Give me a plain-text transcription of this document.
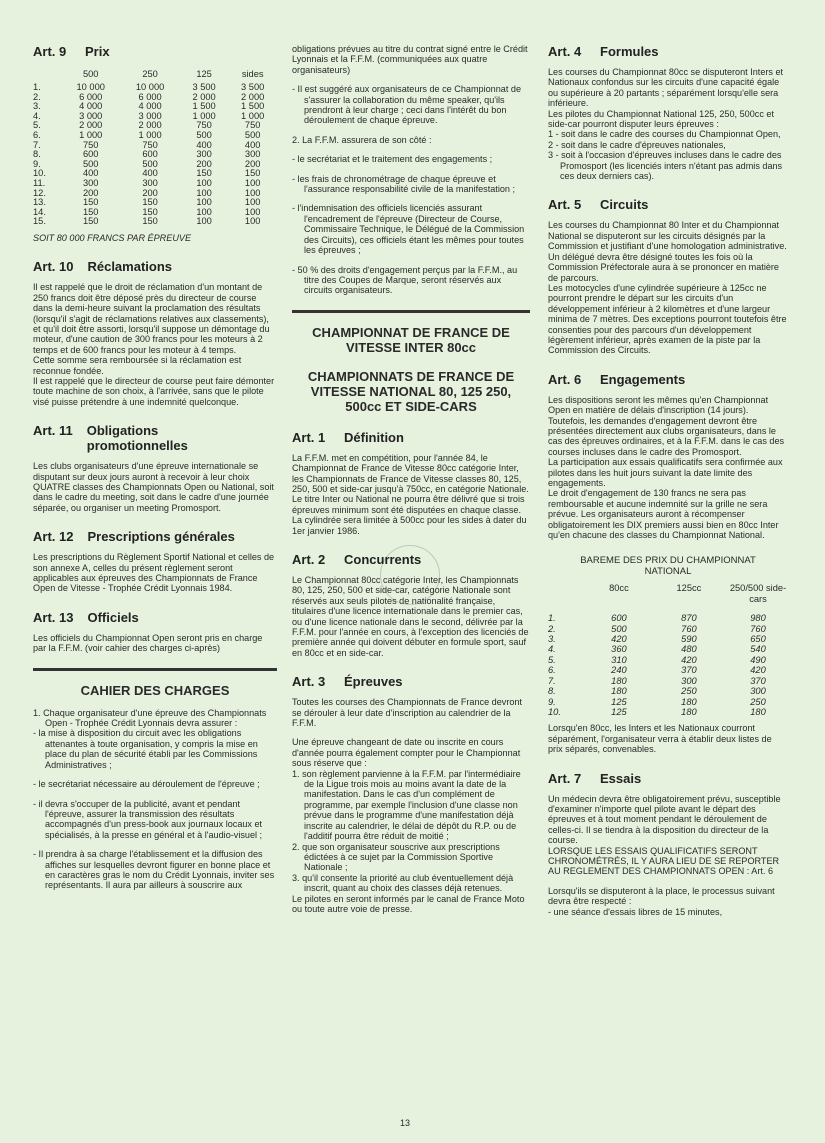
Art. 9	Prix
	500	250	125	sides
1.	10 000	10 000	3 500	3 500
2.	6 000	6 000	2 000	2 000
3.	4 000	4 000	1 500	1 500
4.	3 000	3 000	1 000	1 000
5.	2 000	2 000	750	750
6.	1 000	1 000	500	500
7.	750	750	400	400
8.	600	600	300	300
9.	500	500	200	200
10.	400	400	150	150
11.	300	300	100	100
12.	200	200	100	100
13.	150	150	100	100
14.	150	150	100	100
15.	150	150	100	100

SOIT 80 000 FRANCS PAR ÉPREUVE

Art. 10 Réclamations

Il est rappelé que le droit de réclamation d'un montant de 250 francs doit être déposé près du directeur de course dans la demi-heure suivant la proclamation des résultats (lorsqu'il s'agit de réclamations relatives aux classements), et qu'il doit être assorti, lorsqu'il suppose un démontage du moteur, d'une caution de 300 francs pour les moteurs à 2 temps et de 600 francs pour les moteur à 4 temps.

Cette somme sera remboursée si la réclamation est reconnue fondée.

Il est rappelé que le directeur de course peut faire démonter toute machine de son choix, à l'arrivée, sans que le pilote visé puisse prétendre à une indemnité quelconque.

Art. 11 Obligations promotionnelles

Les clubs organisateurs d'une épreuve internationale se disputant sur deux jours auront à recevoir à leur choix QUATRE classes des Championnats Open ou National, soit dans le cadre du meeting, soit dans le cadre d'une journée séparée, ou organiser un meeting Promosport.

Art. 12 Prescriptions générales

Les prescriptions du Règlement Sportif National et celles de son annexe A, celles du présent règlement seront applicables aux épreuves des Championnats de France Open de Vitesse - Trophée Crédit Lyonnais 1984.

Art. 13 Officiels

Les officiels du Championnat Open seront pris en charge par la F.F.M. (voir cahier des charges ci-après)

CAHIER DES CHARGES
1. Chaque organisateur d'une épreuve des Championnats Open - Trophée Crédit Lyonnais devra assurer :
- la mise à disposition du circuit avec les obligations attenantes à toute organisation, y compris la mise en place du plan de sécurité établi par les Commissions Administratives ;
- le secrétariat nécessaire au déroulement de l'épreuve ;
- il devra s'occuper de la publicité, avant et pendant l'épreuve, assurer la transmission des résultats accompagnés d'un press-book aux journaux locaux et spécialisés, à la presse en général et à l'audio-visuel ;
- Il prendra à sa charge l'établissement et la diffusion des affiches sur lesquelles devront figurer en bonne place et en caractères gras le nom du Crédit Lyonnais, inviter ses représentants. Il aura par ailleurs à souscrire aux

obligations prévues au titre du contrat signé entre le Crédit Lyonnais et la F.F.M. (communiquées aux quatre organisateurs)

- Il est suggéré aux organisateurs de ce Championnat de s'assurer la collaboration du même speaker, qu'ils prendront à leur charge ; ceci dans l'intérêt du bon déroulement de chaque épreuve.

2. La F.F.M. assurera de son côté :

- le secrétariat et le traitement des engagements ;
- les frais de chronométrage de chaque épreuve et l'assurance responsabilité civile de la manifestation ;
- l'indemnisation des officiels licenciés assurant l'encadrement de l'épreuve (Directeur de Course, Commissaire Technique, le Délégué de la Commission des Circuits), ces officiels étant les mêmes pour toutes les épreuves ;
- 50 % des droits d'engagement perçus par la F.F.M., au titre des Coupes de Marque, seront réservés aux circuits organisateurs.
CHAMPIONNAT DE FRANCE DE VITESSE INTER 80cc
CHAMPIONNATS DE FRANCE DE VITESSE NATIONAL 80, 125 250, 500cc ET SIDE-CARS
Art. 1	Définition

La F.F.M. met en compétition, pour l'année 84, le Championnat de France de Vitesse 80cc catégorie Inter, les Championnats de France de Vitesse classes 80, 125, 250, 500 et side-car jusqu'à 750cc, en catégorie Nationale. Le titre Inter ou National ne pourra être délivré que si trois épreuves minimum sont été disputées en chaque classe.

La cylindrée sera limitée à 500cc pour les sides à dater du 1er janvier 1986.

Art. 2	Concurrents

Le Championnat 80cc catégorie Inter, les Championnats 80, 125, 250, 500 et side-car, catégorie Nationale sont réservés aux seuls pilotes de nationalité française, titulaires d'une licence internationale dans le premier cas, ou d'une licence nationale dans le second, délivrée par la F.F.M. pour l'année en cours, à l'exception des licenciés de première année qui doivent débuter en formule sport, sauf en 80cc et en side-car.

Art. 3	Épreuves

Toutes les courses des Championnats de France devront se dérouler à leur date d'inscription au calendrier de la F.F.M.

Une épreuve changeant de date ou inscrite en cours d'année pourra également compter pour le Championnat sous réserve que :

1. son règlement parvienne à la F.F.M. par l'intermédiaire de la Ligue trois mois au moins avant la date de la manifestation. Dans le cas d'un complément de programme, par exemple l'inclusion d'une classe non prévue dans le programme d'une manifestation déjà inscrite au calendrier, le délai de dépôt du R.P. ou de l'additif pourra être réduit de moitié ;
2. que son organisateur souscrive aux prescriptions édictées à ce sujet par la Commission Sportive Nationale ;
3. qu'il consente la priorité au club éventuellement déjà inscrit, quant au choix des classes déjà retenues.

Le pilotes en seront informés par le canal de France Moto ou toute autre voie de presse.

Art. 4	Formules

Les courses du Championnat 80cc se disputeront Inters et Nationaux confondus sur les circuits d'une capacité égale ou supérieure à 20 partants ; séparément lorsqu'elle sera inférieure.

Les pilotes du Championnat National 125, 250, 500cc et side-car pourront disputer leurs épreuves :

1 - soit dans le cadre des courses du Championnat Open,
2 - soit dans le cadre d'épreuves nationales,
3 - soit à l'occasion d'épreuves incluses dans le cadre des Promosport (les licenciés inters n'étant pas admis dans ces deux derniers cas).
Art. 5	Circuits

Les courses du Championnat 80 Inter et du Championnat National se disputeront sur les circuits désignés par la Commission et justifiant d'une homologation administrative.

Un délégué devra être désigné toutes les fois où la Commission Préfectorale aura à se prononcer en matière de parcours.

Les motocycles d'une cylindrée supérieure à 125cc ne pourront prendre le départ sur les circuits d'un développement inférieur à 2 kilomètres et d'une largeur minima de 7 mètres. Des exceptions pourront toutefois être consenties pour des parcours d'un développement légèrement inférieur, après examen de la piste par la Commission des Circuits.

Art. 6	Engagements

Les dispositions seront les mêmes qu'en Championnat Open en matière de délais d'inscription (14 jours).

Toutefois, les demandes d'engagement devront être présentées directement aux clubs organisateurs, dans le cas des épreuves ordinaires, et à la F.F.M. dans le cas des courses incluses dans le cadre des Promosport.

La participation aux essais qualificatifs sera confirmée aux pilotes dans les huit jours suivant la date limite des engagements.

Le droit d'engagement de 130 francs ne sera pas remboursable et aucune indemnité sur la grille ne sera prévue. Les organisateurs auront à récompenser obligatoirement les DIX premiers aussi bien en 80cc Inter qu'en chacune des classes du Championnat National.

BAREME DES PRIX DU CHAMPIONNAT NATIONAL

	80cc	125cc	250/500 side-cars
1.	600	870	980
2.	500	760	760
3.	420	590	650
4.	360	480	540
5.	310	420	490
6.	240	370	420
7.	180	300	370
8.	180	250	300
9.	125	180	250
10.	125	180	180

Lorsqu'en 80cc, les Inters et les Nationaux courront séparément, l'organisateur verra à établir deux listes de prix séparés, convenables.

Art. 7	Essais

Un médecin devra être obligatoirement prévu, susceptible d'examiner n'importe quel pilote avant le départ des épreuves et à tout moment pendant le déroulement de celles-ci. Il se tiendra à la disposition du directeur de la course.

LORSQUE LES ESSAIS QUALIFICATIFS SERONT CHRONOMÉTRÉS, IL Y AURA LIEU DE SE REPORTER AU REGLEMENT DES CHAMPIONNATS OPEN : Art. 6

Lorsqu'ils se disputeront à la place, le processus suivant devra être respecté :

- une séance d'essais libres de 15 minutes,

13
